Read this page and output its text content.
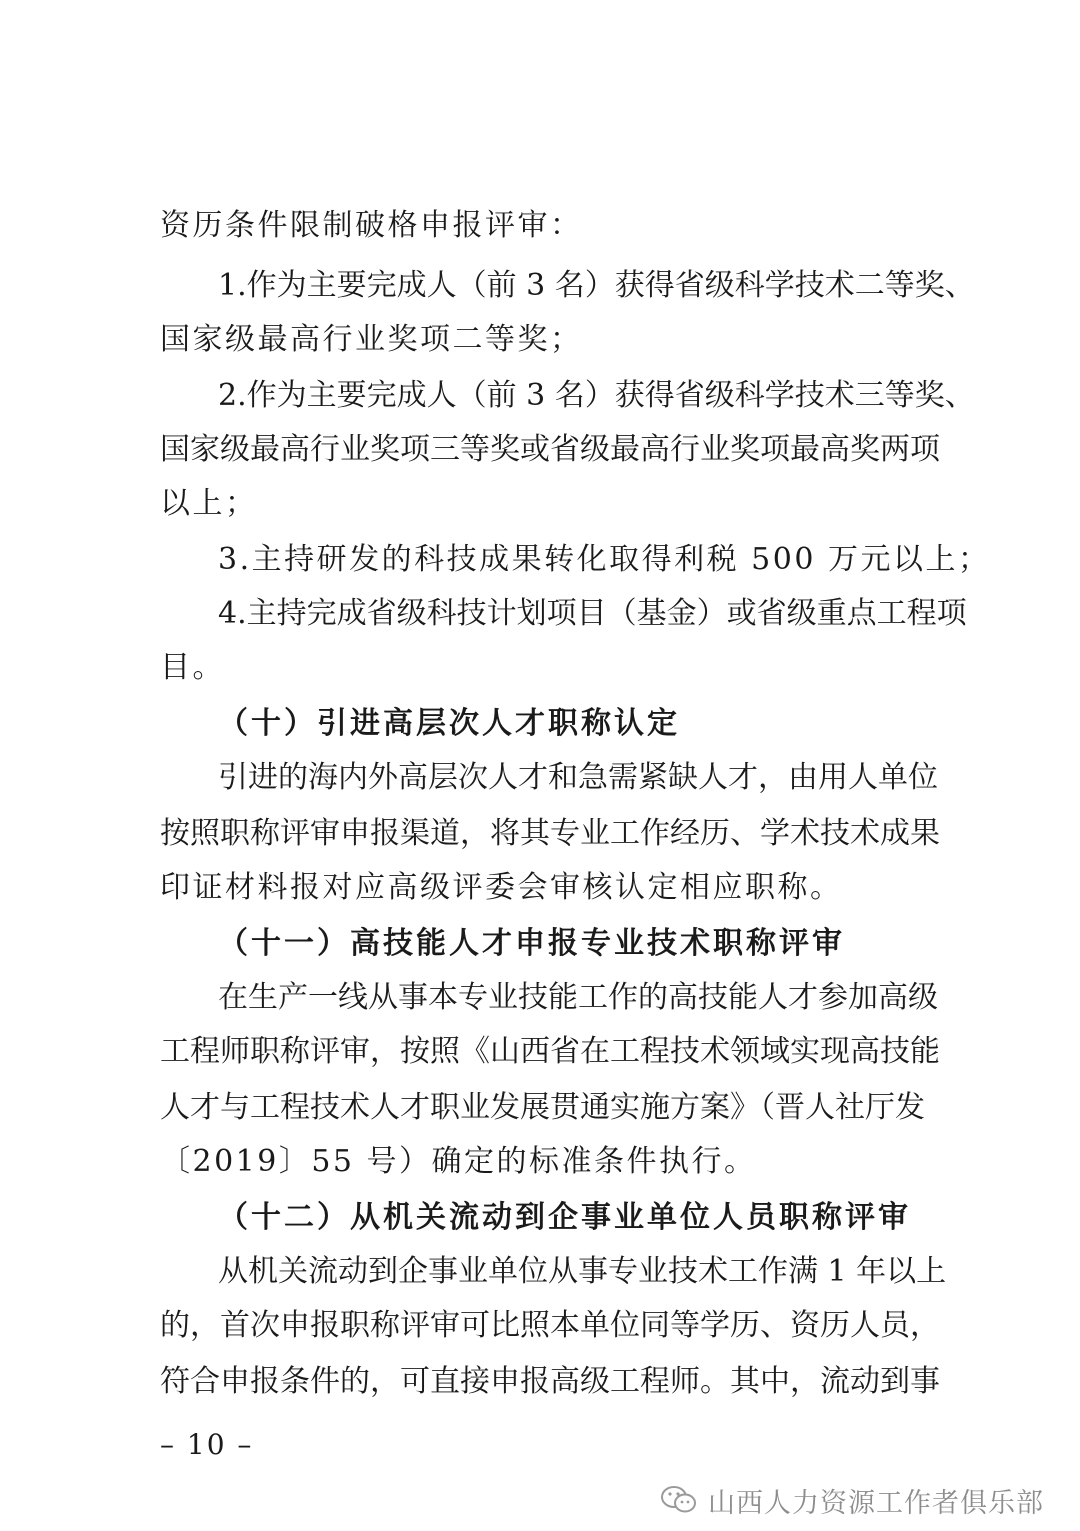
资历条件限制破格申报评审：
1.作为主要完成人（前 3 名）获得省级科学技术二等奖、
国家级最高行业奖项二等奖；
2.作为主要完成人（前 3 名）获得省级科学技术三等奖、
国家级最高行业奖项三等奖或省级最高行业奖项最高奖两项
以上；
3.主持研发的科技成果转化取得利税 500 万元以上；
4.主持完成省级科技计划项目（基金）或省级重点工程项
目。
（十）引进高层次人才职称认定
引进的海内外高层次人才和急需紧缺人才，由用人单位
按照职称评审申报渠道，将其专业工作经历、学术技术成果
印证材料报对应高级评委会审核认定相应职称。
（十一）高技能人才申报专业技术职称评审
在生产一线从事本专业技能工作的高技能人才参加高级
工程师职称评审，按照《山西省在工程技术领域实现高技能
人才与工程技术人才职业发展贯通实施方案》（晋人社厅发
〔2019〕55 号）确定的标准条件执行。
（十二）从机关流动到企事业单位人员职称评审
从机关流动到企事业单位从事专业技术工作满 1 年以上
的，首次申报职称评审可比照本单位同等学历、资历人员，
符合申报条件的，可直接申报高级工程师。其中，流动到事
– 10 –
山西人力资源工作者俱乐部
